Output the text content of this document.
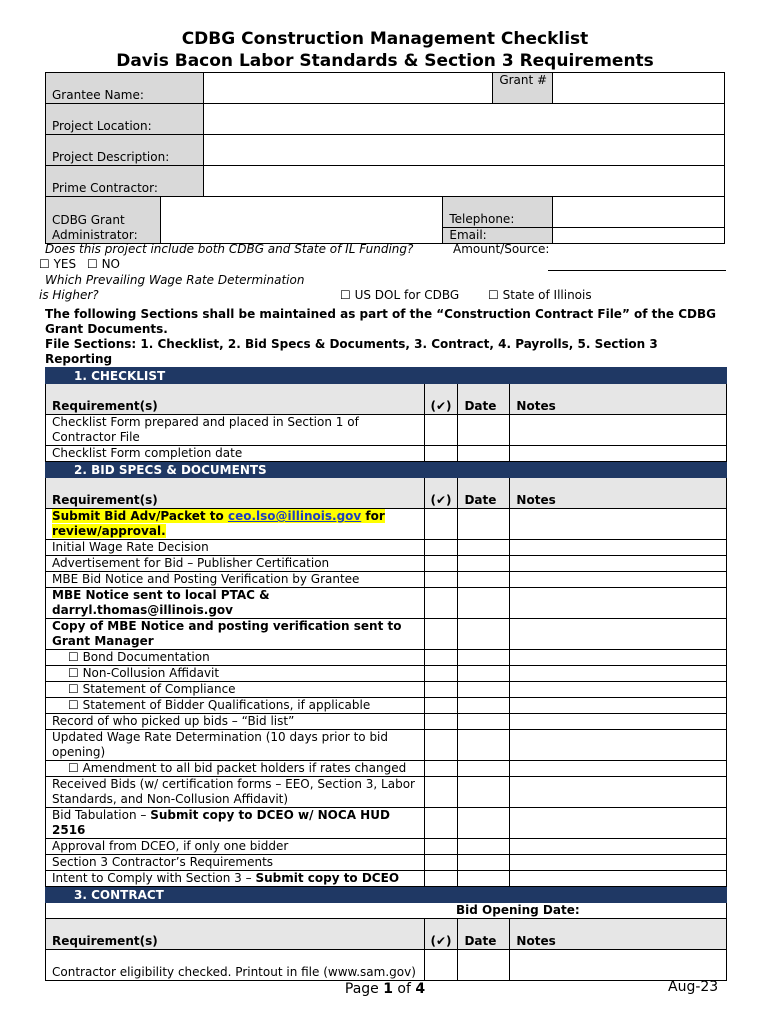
CDBG Construction Management Checklist
Davis Bacon Labor Standards & Section 3 Requirements
Grantee Name:				Grant #	
Project Location:					
Project Description:					
Prime Contractor:					
CDBG Grant Administrator:			Telephone:		
			Email:		
Does this project include both CDBG and State of IL Funding?	Amount/Source:
☐ YES ☐ NO
Which Prevailing Wage Rate Determination
is Higher?	☐ US DOL for CDBG ☐ State of Illinois
The following Sections shall be maintained as part of the “Construction Contract File” of the CDBG Grant Documents.
File Sections: 1. Checklist, 2. Bid Specs & Documents, 3. Contract, 4. Payrolls, 5. Section 3 Reporting
1. CHECKLIST			
Requirement(s)	(✔)	Date	Notes
Checklist Form prepared and placed in Section 1 of Contractor File			
Checklist Form completion date			
2. BID SPECS & DOCUMENTS			
Requirement(s)	(✔)	Date	Notes
Submit Bid Adv/Packet to ceo.lso@illinois.gov for review/approval.			
Initial Wage Rate Decision			
Advertisement for Bid – Publisher Certification			
MBE Bid Notice and Posting Verification by Grantee			
MBE Notice sent to local PTAC & darryl.thomas@illinois.gov			
Copy of MBE Notice and posting verification sent to Grant Manager			
☐ Bond Documentation			
☐ Non-Collusion Affidavit			
☐ Statement of Compliance			
☐ Statement of Bidder Qualifications, if applicable			
Record of who picked up bids – “Bid list”			
Updated Wage Rate Determination (10 days prior to bid opening)			
☐ Amendment to all bid packet holders if rates changed			
Received Bids (w/ certification forms – EEO, Section 3, Labor Standards, and Non-Collusion Affidavit)			
Bid Tabulation – Submit copy to DCEO w/ NOCA HUD 2516			
Approval from DCEO, if only one bidder			
Section 3 Contractor’s Requirements			
Intent to Comply with Section 3 – Submit copy to DCEO			
3. CONTRACT			
Bid Opening Date:			
Requirement(s)	(✔)	Date	Notes
Contractor eligibility checked. Printout in file (www.sam.gov)			
Page 1 of 4	Aug-23
